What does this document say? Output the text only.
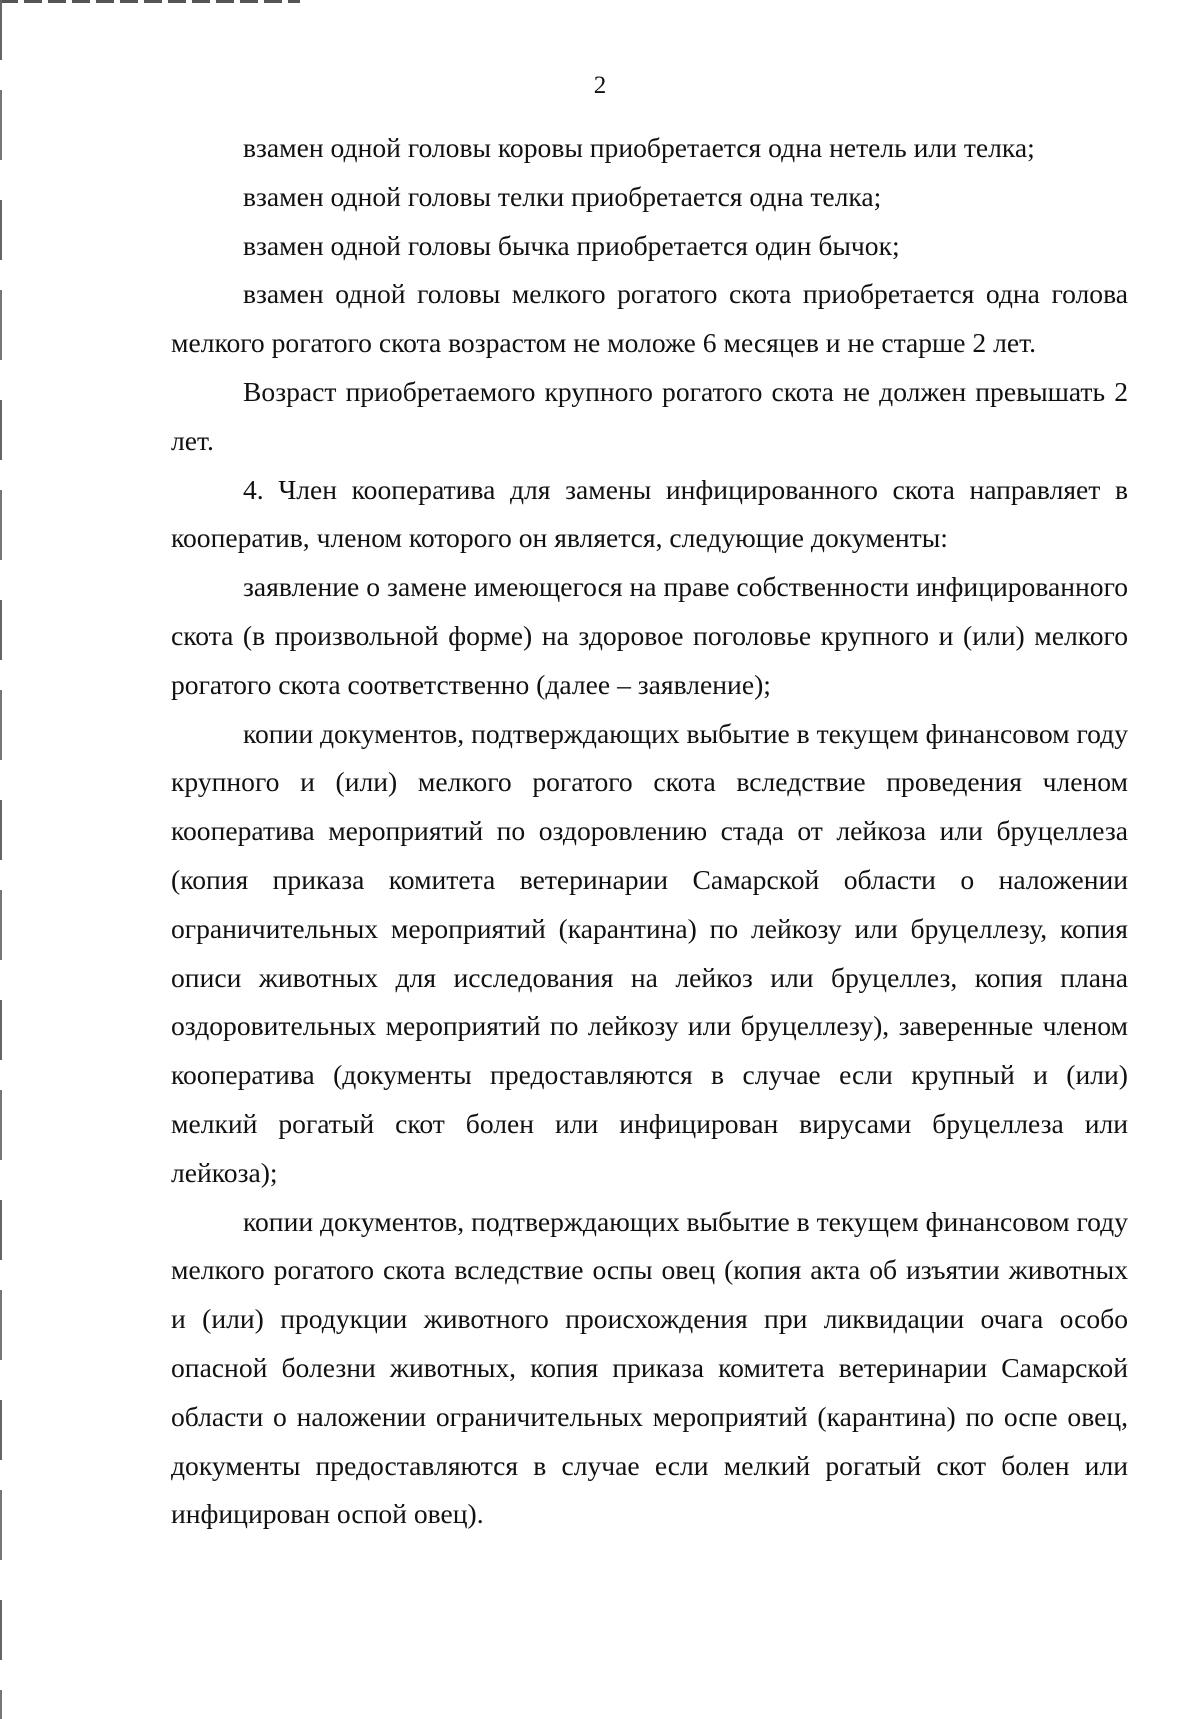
2

взамен одной головы коровы приобретается одна нетель или телка;

взамен одной головы телки приобретается одна телка;

взамен одной головы бычка приобретается один бычок;

взамен одной головы мелкого рогатого скота приобретается одна голова мелкого рогатого скота возрастом не моложе 6 месяцев и не старше 2 лет.

Возраст приобретаемого крупного рогатого скота не должен превышать 2 лет.

4. Член кооператива для замены инфицированного скота направляет в кооператив, членом которого он является, следующие документы:

заявление о замене имеющегося на праве собственности инфицированного скота (в произвольной форме) на здоровое поголовье крупного и (или) мелкого рогатого скота соответственно (далее – заявление);

копии документов, подтверждающих выбытие в текущем финансовом году крупного и (или) мелкого рогатого скота вследствие проведения членом кооператива мероприятий по оздоровлению стада от лейкоза или бруцеллеза (копия приказа комитета ветеринарии Самарской области о наложении ограничительных мероприятий (карантина) по лейкозу или бруцеллезу, копия описи животных для исследования на лейкоз или бруцеллез, копия плана оздоровительных мероприятий по лейкозу или бруцеллезу), заверенные членом кооператива (документы предоставляются в случае если крупный и (или) мелкий рогатый скот болен или инфицирован вирусами бруцеллеза или лейкоза);

копии документов, подтверждающих выбытие в текущем финансовом году мелкого рогатого скота вследствие оспы овец (копия акта об изъятии животных и (или) продукции животного происхождения при ликвидации очага особо опасной болезни животных, копия приказа комитета ветеринарии Самарской области о наложении ограничительных мероприятий (карантина) по оспе овец, документы предоставляются в случае если мелкий рогатый скот болен или инфицирован оспой овец).
